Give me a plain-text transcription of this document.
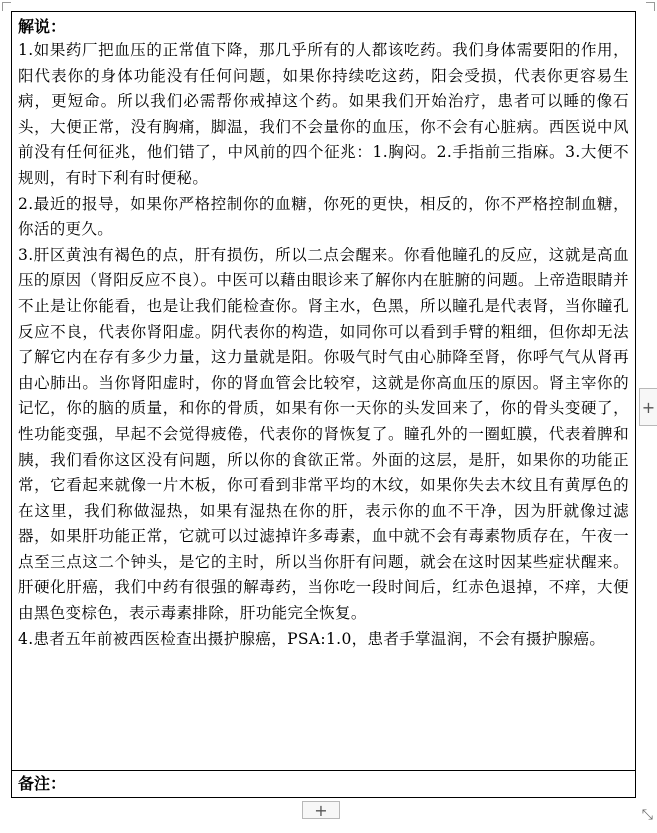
解说：

1.如果药厂把血压的正常值下降，那几乎所有的人都该吃药。我们身体需要阳的作用，阳代表你的身体功能没有任何问题，如果你持续吃这药，阳会受损，代表你更容易生病，更短命。所以我们必需帮你戒掉这个药。如果我们开始治疗，患者可以睡的像石头，大便正常，没有胸痛，脚温，我们不会量你的血压，你不会有心脏病。西医说中风前没有任何征兆，他们错了，中风前的四个征兆：1.胸闷。2.手指前三指麻。3.大便不规则，有时下利有时便秘。

2.最近的报导，如果你严格控制你的血糖，你死的更快，相反的，你不严格控制血糖，你活的更久。

3.肝区黄浊有褐色的点，肝有损伤，所以二点会醒来。你看他瞳孔的反应，这就是高血压的原因（肾阳反应不良）。中医可以藉由眼诊来了解你内在脏腑的问题。上帝造眼睛并不止是让你能看，也是让我们能检查你。肾主水，色黑，所以瞳孔是代表肾，当你瞳孔反应不良，代表你肾阳虚。阴代表你的构造，如同你可以看到手臂的粗细，但你却无法了解它内在存有多少力量，这力量就是阳。你吸气时气由心肺降至肾，你呼气气从肾再由心肺出。当你肾阳虚时，你的肾血管会比较窄，这就是你高血压的原因。肾主宰你的记忆，你的脑的质量，和你的骨质，如果有你一天你的头发回来了，你的骨头变硬了，性功能变强，早起不会觉得疲倦，代表你的肾恢复了。瞳孔外的一圈虹膜，代表着脾和胰，我们看你这区没有问题，所以你的食欲正常。外面的这层，是肝，如果你的功能正常，它看起来就像一片木板，你可看到非常平均的木纹，如果你失去木纹且有黄厚色的在这里，我们称做湿热，如果有湿热在你的肝，表示你的血不干净，因为肝就像过滤器，如果肝功能正常，它就可以过滤掉许多毒素，血中就不会有毒素物质存在，午夜一点至三点这二个钟头，是它的主时，所以当你肝有问题，就会在这时因某些症状醒来。肝硬化肝癌，我们中药有很强的解毒药，当你吃一段时间后，红赤色退掉，不痒，大便由黑色变棕色，表示毒素排除，肝功能完全恢复。

4.患者五年前被西医检查出摄护腺癌，PSA:1.0，患者手掌温润，不会有摄护腺癌。

备注：
+
+	⤡
